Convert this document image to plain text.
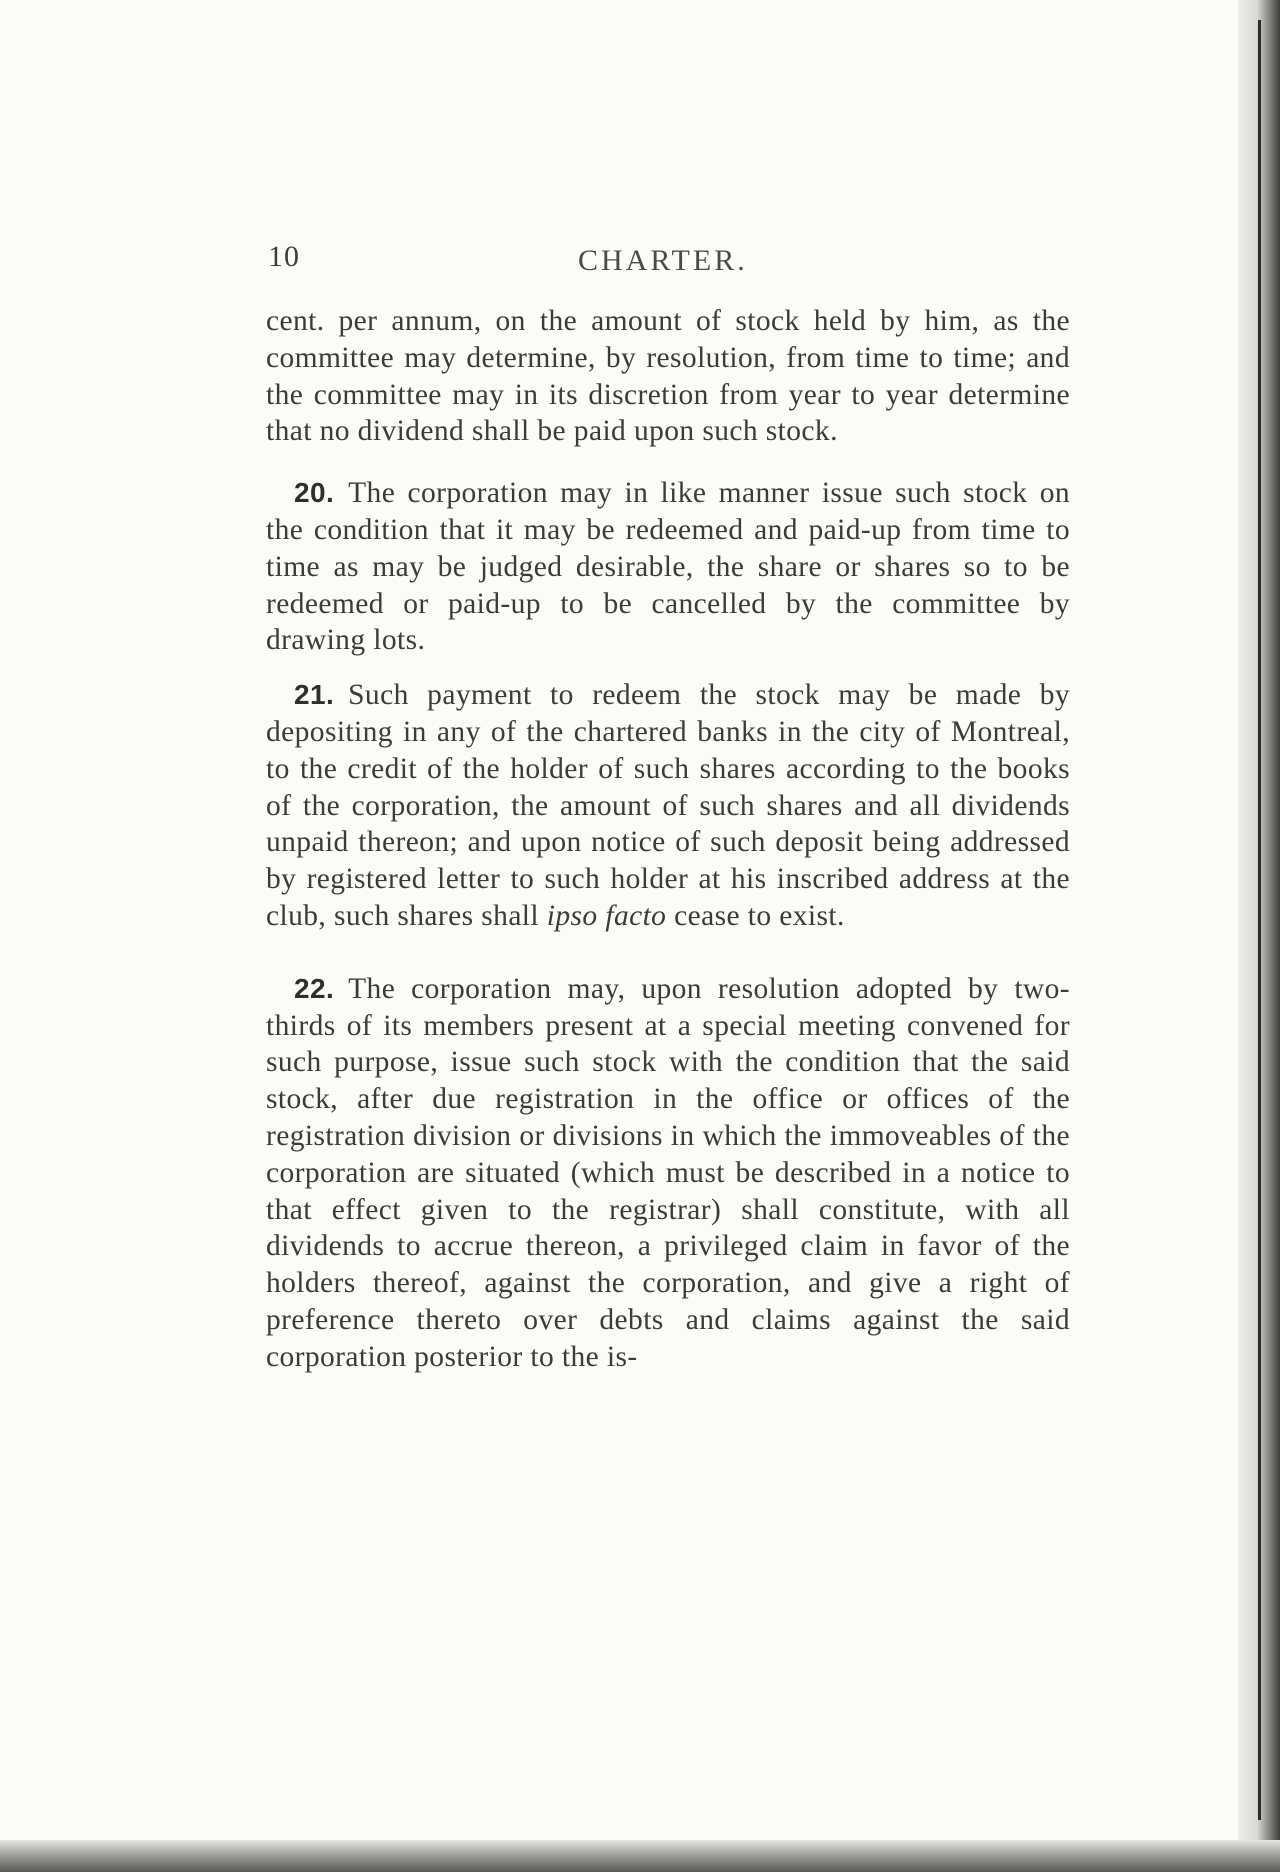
10	CHARTER.

cent. per annum, on the amount of stock held by him, as the committee may determine, by resolution, from time to time; and the committee may in its discretion from year to year determine that no dividend shall be paid upon such stock.

20. The corporation may in like manner issue such stock on the condition that it may be redeemed and paid-up from time to time as may be judged desirable, the share or shares so to be redeemed or paid-up to be cancelled by the committee by drawing lots.

21. Such payment to redeem the stock may be made by depositing in any of the chartered banks in the city of Montreal, to the credit of the holder of such shares according to the books of the corporation, the amount of such shares and all dividends unpaid thereon; and upon notice of such deposit being addressed by registered letter to such holder at his inscribed address at the club, such shares shall ipso facto cease to exist.

22. The corporation may, upon resolution adopted by two-thirds of its members present at a special meeting convened for such purpose, issue such stock with the condition that the said stock, after due registration in the office or offices of the registration division or divisions in which the immoveables of the corporation are situated (which must be described in a notice to that effect given to the registrar) shall constitute, with all dividends to accrue thereon, a privileged claim in favor of the holders thereof, against the corporation, and give a right of preference thereto over debts and claims against the said corporation posterior to the is-
